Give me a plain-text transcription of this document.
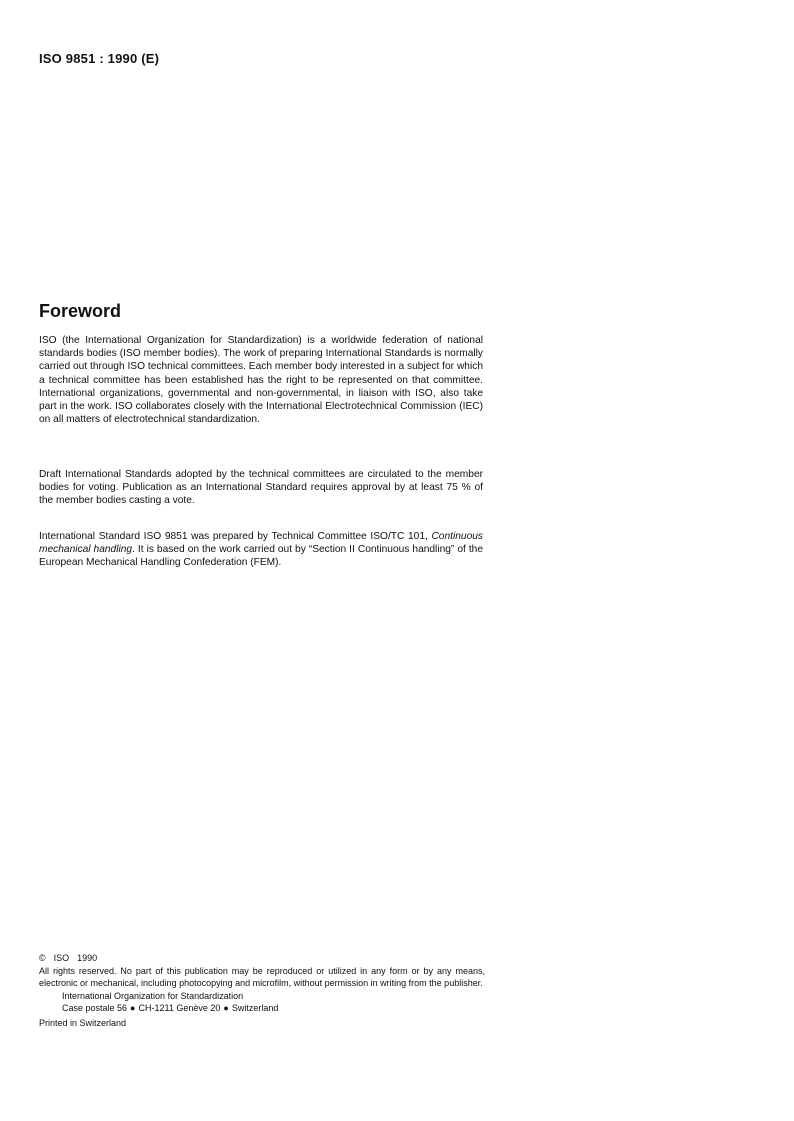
ISO 9851 : 1990 (E)
Foreword

ISO (the International Organization for Standardization) is a worldwide federation of national standards bodies (ISO member bodies). The work of preparing International Standards is normally carried out through ISO technical committees. Each member body interested in a subject for which a technical committee has been established has the right to be represented on that committee. International organizations, governmental and non-governmental, in liaison with ISO, also take part in the work. ISO collaborates closely with the International Electrotechnical Commission (IEC) on all matters of electrotechnical standardization.

Draft International Standards adopted by the technical committees are circulated to the member bodies for voting. Publication as an International Standard requires approval by at least 75 % of the member bodies casting a vote.

International Standard ISO 9851 was prepared by Technical Committee ISO/TC 101, Continuous mechanical handling. It is based on the work carried out by “Section II Continuous handling” of the European Mechanical Handling Confederation (FEM).

© ISO 1990

All rights reserved. No part of this publication may be reproduced or utilized in any form or by any means, electronic or mechanical, including photocopying and microfilm, without permission in writing from the publisher.

International Organization for Standardization

Case postale 56 ● CH-1211 Genève 20 ● Switzerland

Printed in Switzerland
